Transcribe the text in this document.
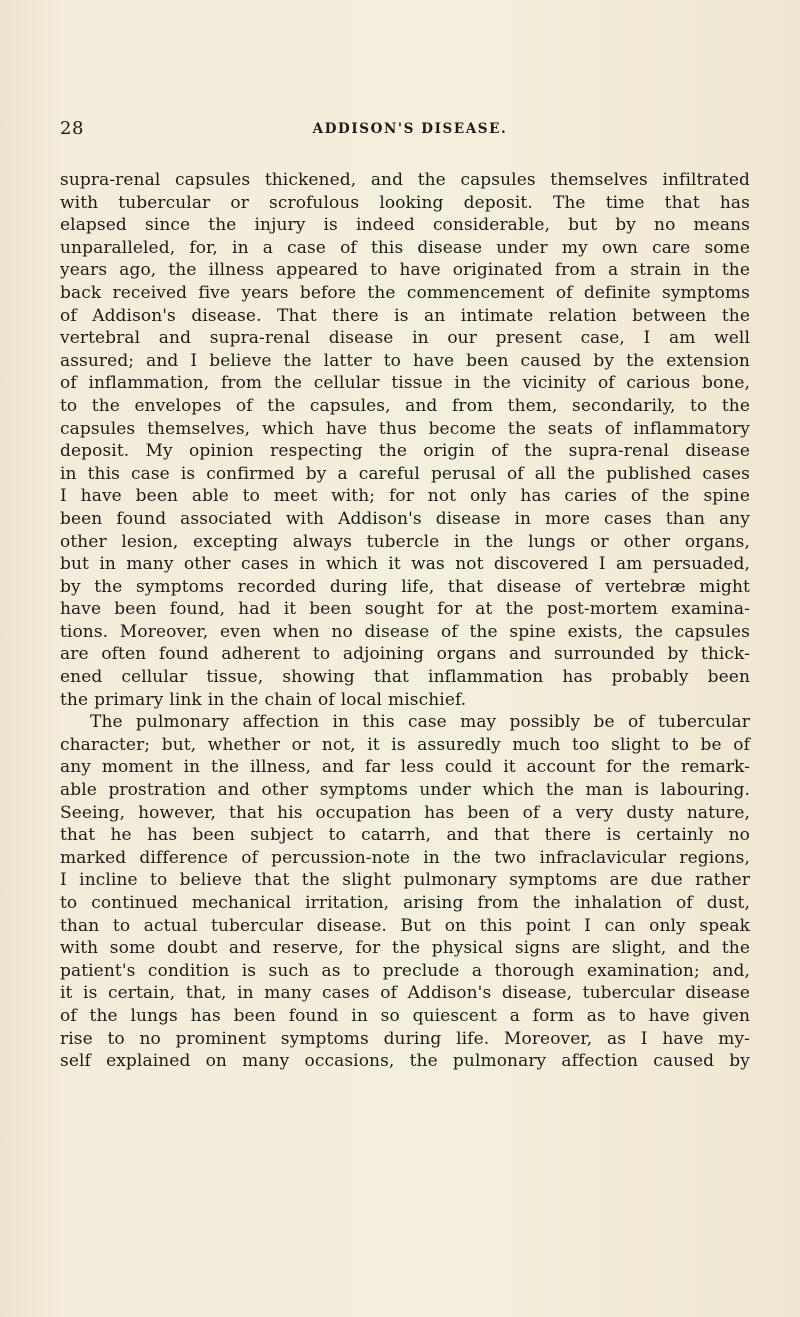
28	ADDISON'S DISEASE.
supra-renal capsules thickened, and the capsules themselves infiltrated
with tubercular or scrofulous looking deposit. The time that has
elapsed since the injury is indeed considerable, but by no means
unparalleled, for, in a case of this disease under my own care some
years ago, the illness appeared to have originated from a strain in the
back received five years before the commencement of definite symptoms
of Addison's disease. That there is an intimate relation between the
vertebral and supra-renal disease in our present case, I am well
assured; and I believe the latter to have been caused by the extension
of inflammation, from the cellular tissue in the vicinity of carious bone,
to the envelopes of the capsules, and from them, secondarily, to the
capsules themselves, which have thus become the seats of inflammatory
deposit. My opinion respecting the origin of the supra-renal disease
in this case is confirmed by a careful perusal of all the published cases
I have been able to meet with; for not only has caries of the spine
been found associated with Addison's disease in more cases than any
other lesion, excepting always tubercle in the lungs or other organs,
but in many other cases in which it was not discovered I am persuaded,
by the symptoms recorded during life, that disease of vertebræ might
have been found, had it been sought for at the post-mortem examina-
tions. Moreover, even when no disease of the spine exists, the capsules
are often found adherent to adjoining organs and surrounded by thick-
ened cellular tissue, showing that inflammation has probably been
the primary link in the chain of local mischief.
The pulmonary affection in this case may possibly be of tubercular
character; but, whether or not, it is assuredly much too slight to be of
any moment in the illness, and far less could it account for the remark-
able prostration and other symptoms under which the man is labouring.
Seeing, however, that his occupation has been of a very dusty nature,
that he has been subject to catarrh, and that there is certainly no
marked difference of percussion-note in the two infraclavicular regions,
I incline to believe that the slight pulmonary symptoms are due rather
to continued mechanical irritation, arising from the inhalation of dust,
than to actual tubercular disease. But on this point I can only speak
with some doubt and reserve, for the physical signs are slight, and the
patient's condition is such as to preclude a thorough examination; and,
it is certain, that, in many cases of Addison's disease, tubercular disease
of the lungs has been found in so quiescent a form as to have given
rise to no prominent symptoms during life. Moreover, as I have my-
self explained on many occasions, the pulmonary affection caused by
